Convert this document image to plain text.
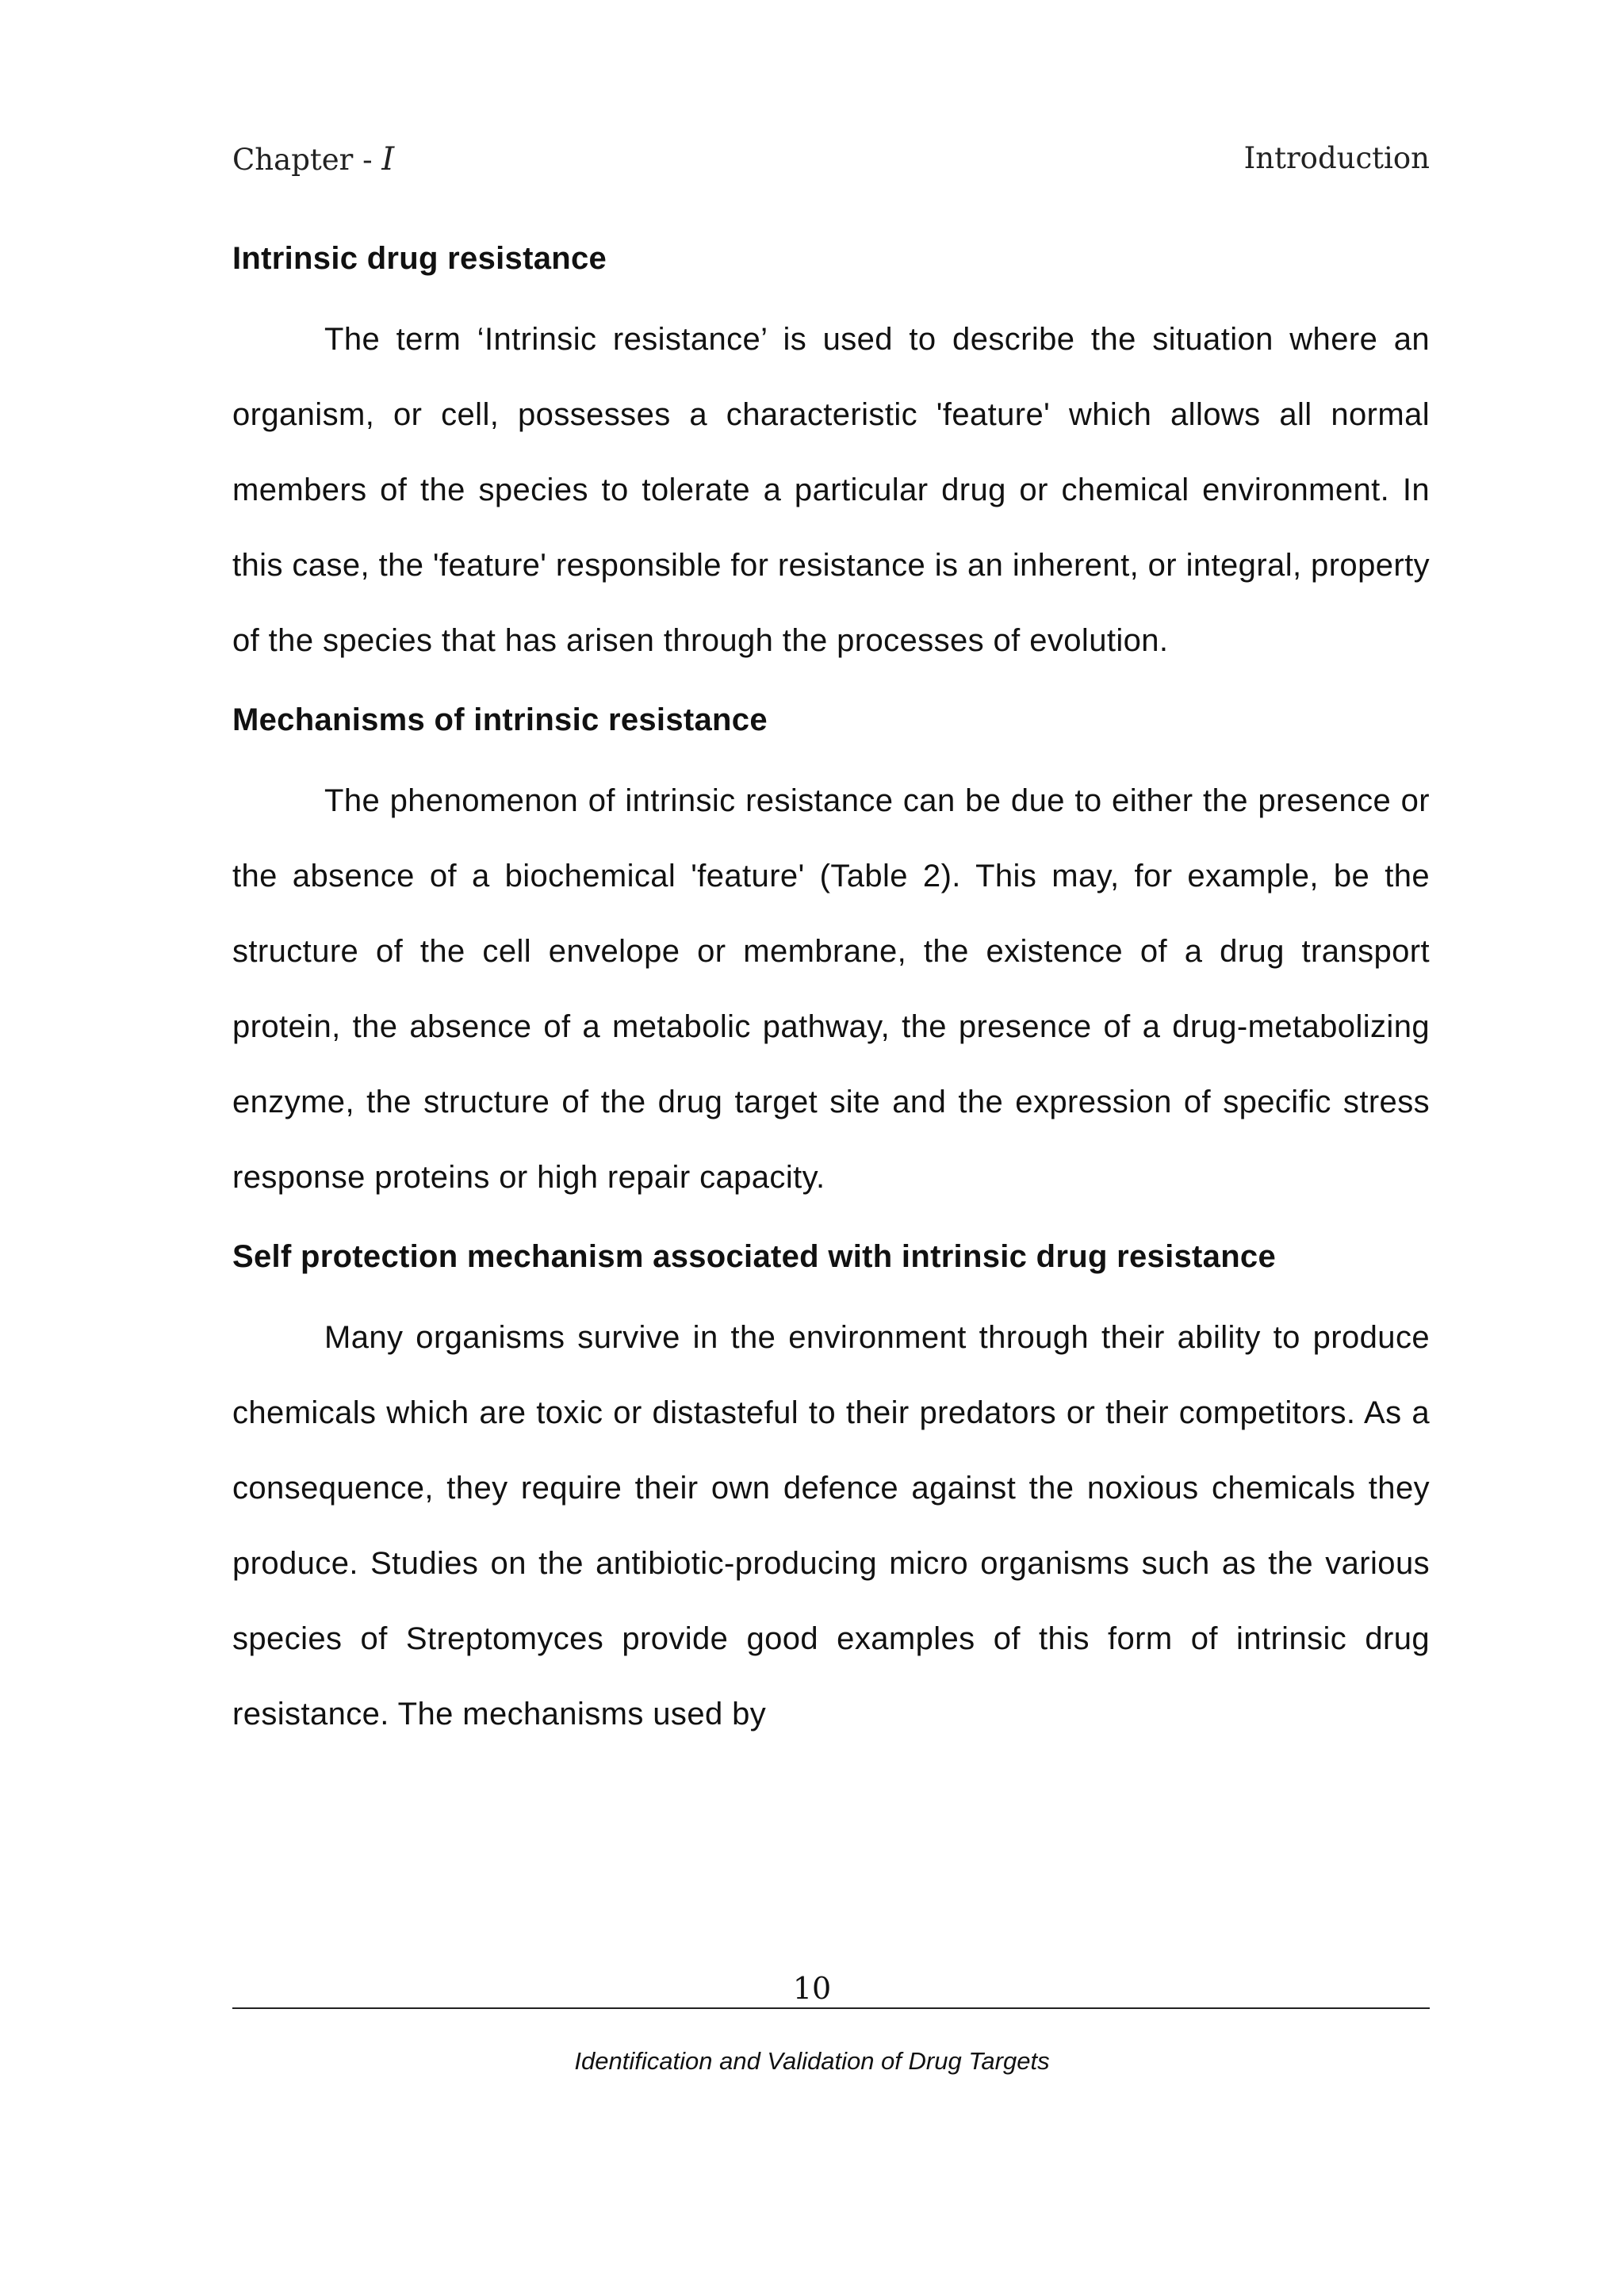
Chapter - I	Introduction
Intrinsic drug resistance

The term ‘Intrinsic resistance’ is used to describe the situation where an organism, or cell, possesses a characteristic 'feature' which allows all normal members of the species to tolerate a particular drug or chemical environment. In this case, the 'feature' responsible for resistance is an inherent, or integral, property of the species that has arisen through the processes of evolution.

Mechanisms of intrinsic resistance

The phenomenon of intrinsic resistance can be due to either the presence or the absence of a biochemical 'feature' (Table 2). This may, for example, be the structure of the cell envelope or membrane, the existence of a drug transport protein, the absence of a metabolic pathway, the presence of a drug-metabolizing enzyme, the structure of the drug target site and the expression of specific stress response proteins or high repair capacity.

Self protection mechanism associated with intrinsic drug resistance

Many organisms survive in the environment through their ability to produce chemicals which are toxic or distasteful to their predators or their competitors. As a consequence, they require their own defence against the noxious chemicals they produce. Studies on the antibiotic-producing micro organisms such as the various species of Streptomyces provide good examples of this form of intrinsic drug resistance. The mechanisms used by

10
Identification and Validation of Drug Targets
